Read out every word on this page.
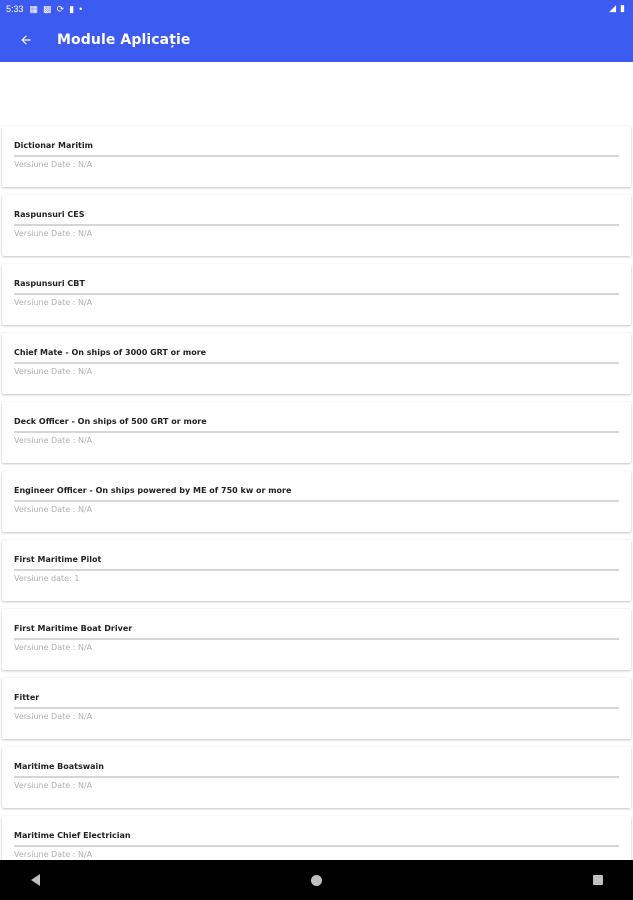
5:33 ▦ ▩ ⟳ ▮ •	◢ ▮
Module Aplicație
Dictionar Maritim
Versiune Date : N/A
Raspunsuri CES
Versiune Date : N/A
Raspunsuri CBT
Versiune Date : N/A
Chief Mate - On ships of 3000 GRT or more
Versiune Date : N/A
Deck Officer - On ships of 500 GRT or more
Versiune Date : N/A
Engineer Officer - On ships powered by ME of 750 kw or more
Versiune Date : N/A
First Maritime Pilot
Versiune date: 1
First Maritime Boat Driver
Versiune Date : N/A
Fitter
Versiune Date : N/A
Maritime Boatswain
Versiune Date : N/A
Maritime Chief Electrician
Versiune Date : N/A
